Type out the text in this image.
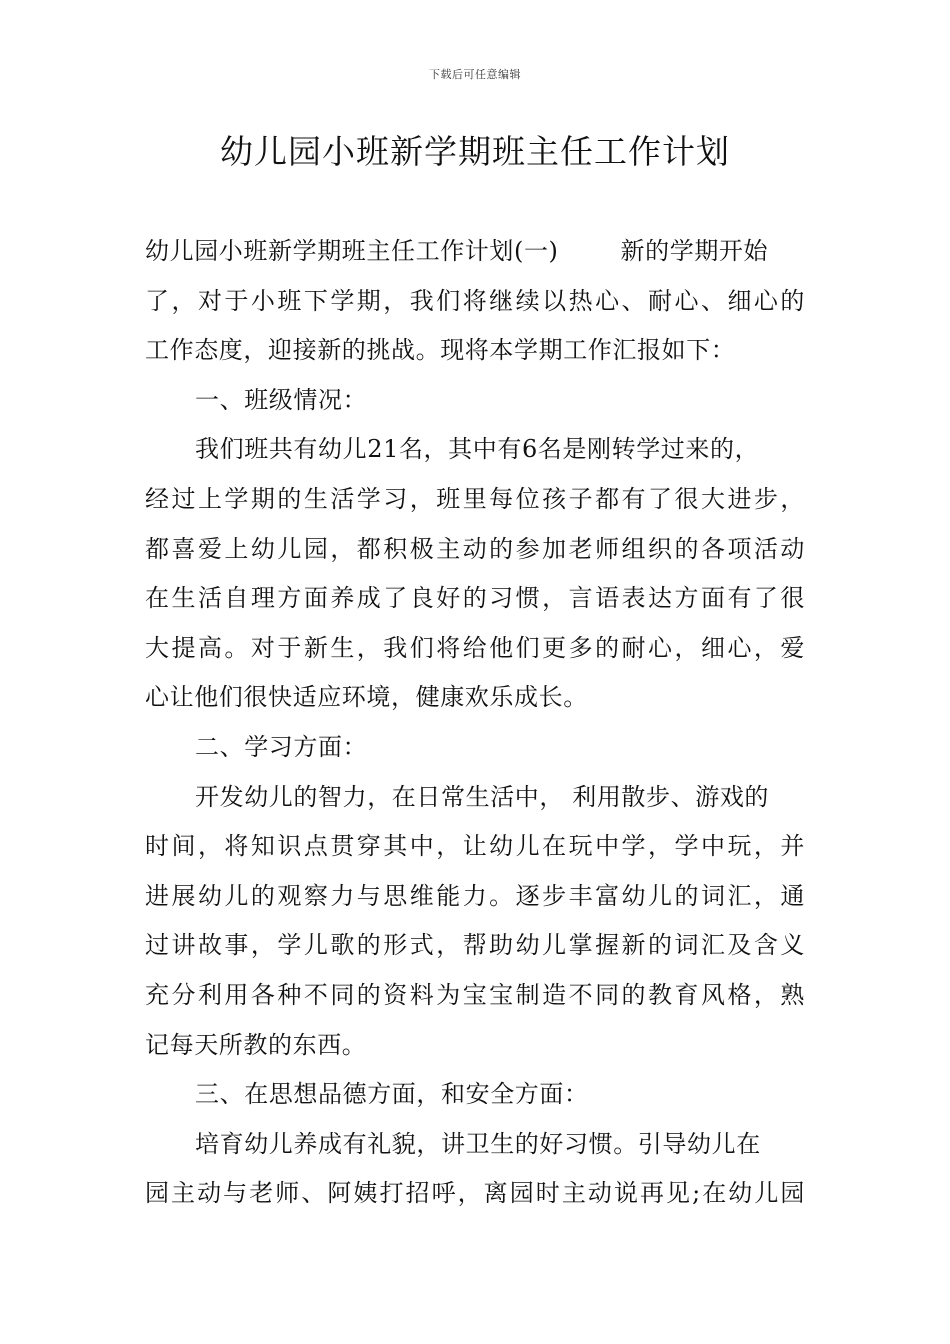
下载后可任意编辑
幼儿园小班新学期班主任工作计划
幼儿园小班新学期班主任工作计划(一)	新的学期开始
了，对于小班下学期，我们将继续以热心、耐心、细心的
工作态度，迎接新的挑战。现将本学期工作汇报如下：
一、班级情况：
我们班共有幼儿21名，其中有6名是刚转学过来的，
经过上学期的生活学习，班里每位孩子都有了很大进步，
都喜爱上幼儿园，都积极主动的参加老师组织的各项活动
在生活自理方面养成了良好的习惯，言语表达方面有了很
大提高。对于新生，我们将给他们更多的耐心，细心，爱
心让他们很快适应环境，健康欢乐成长。
二、学习方面：
开发幼儿的智力，在日常生活中， 利用散步、游戏的
时间，将知识点贯穿其中，让幼儿在玩中学，学中玩，并
进展幼儿的观察力与思维能力。逐步丰富幼儿的词汇，通
过讲故事，学儿歌的形式，帮助幼儿掌握新的词汇及含义
充分利用各种不同的资料为宝宝制造不同的教育风格，熟
记每天所教的东西。
三、在思想品德方面，和安全方面：
培育幼儿养成有礼貌，讲卫生的好习惯。引导幼儿在
园主动与老师、阿姨打招呼，离园时主动说再见;在幼儿园
